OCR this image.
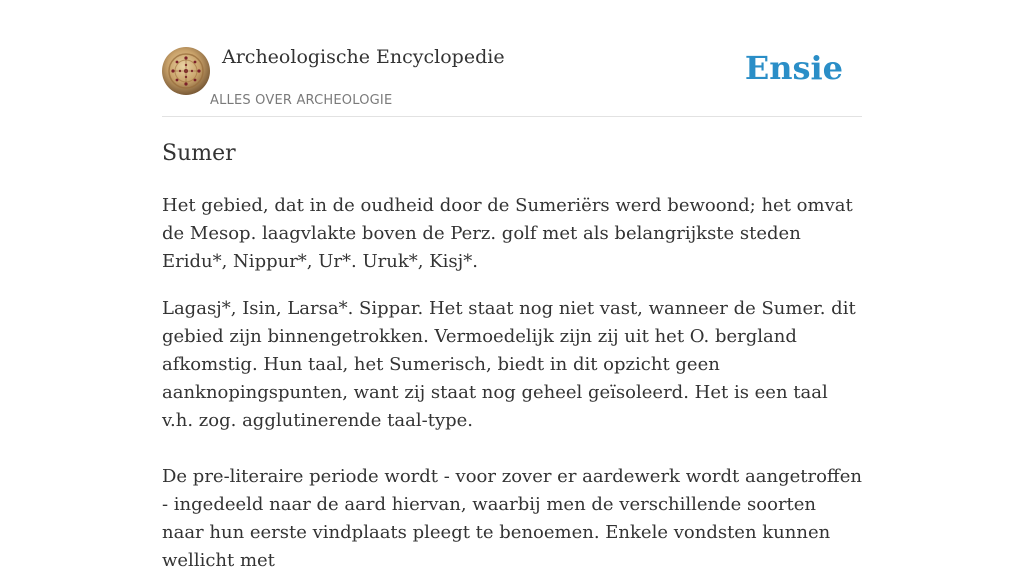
Archeologische Encyclopedie
ALLES OVER ARCHEOLOGIE
Ensie
Sumer

Het gebied, dat in de oudheid door de Sumeriërs werd bewoond; het omvat de Mesop. laagvlakte boven de Perz. golf met als belangrijkste steden Eridu*, Nippur*, Ur*. Uruk*, Kisj*.

Lagasj*, Isin, Larsa*. Sippar. Het staat nog niet vast, wanneer de Sumer. dit gebied zijn binnengetrokken. Vermoedelijk zijn zij uit het O. bergland afkomstig. Hun taal, het Sumerisch, biedt in dit opzicht geen aanknopingspunten, want zij staat nog geheel geïsoleerd. Het is een taal v.h. zog. agglutinerende taal-type.

De pre-literaire periode wordt - voor zover er aardewerk wordt aangetroffen - ingedeeld naar de aard hiervan, waarbij men de verschillende soorten naar hun eerste vindplaats pleegt te benoemen. Enkele vondsten kunnen wellicht met
